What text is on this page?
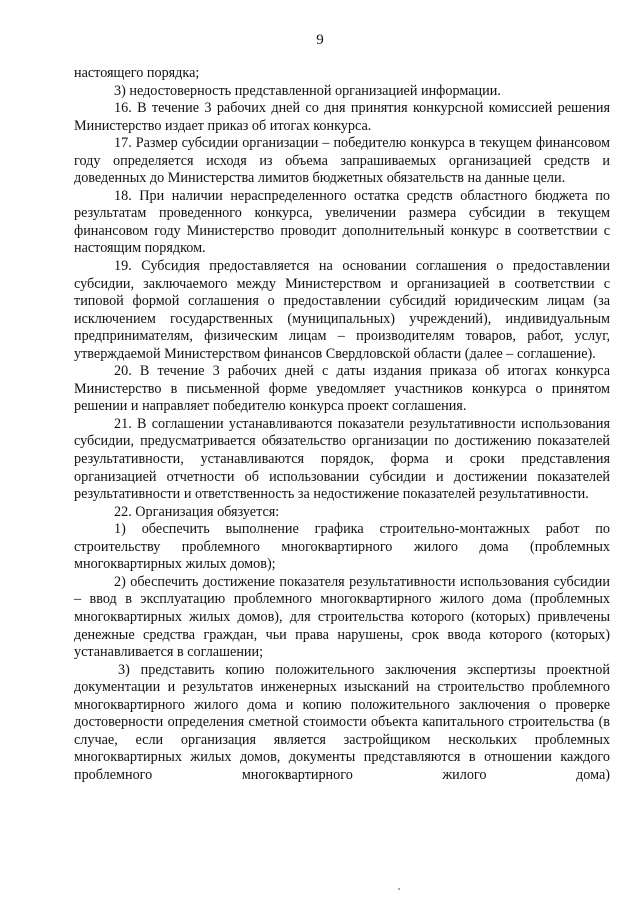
9

настоящего порядка;

3) недостоверность представленной организацией информации.

16. В течение 3 рабочих дней со дня принятия конкурсной комиссией решения Министерство издает приказ об итогах конкурса.

17. Размер субсидии организации – победителю конкурса в текущем финансовом году определяется исходя из объема запрашиваемых организацией средств и доведенных до Министерства лимитов бюджетных обязательств на данные цели.

18. При наличии нераспределенного остатка средств областного бюджета по результатам проведенного конкурса, увеличении размера субсидии в текущем финансовом году Министерство проводит дополнительный конкурс в соответствии с настоящим порядком.

19. Субсидия предоставляется на основании соглашения о предоставлении субсидии, заключаемого между Министерством и организацией в соответствии с типовой формой соглашения о предоставлении субсидий юридическим лицам (за исключением государственных (муниципальных) учреждений), индивидуальным предпринимателям, физическим лицам – производителям товаров, работ, услуг, утверждаемой Министерством финансов Свердловской области (далее – соглашение).

20. В течение 3 рабочих дней с даты издания приказа об итогах конкурса Министерство в письменной форме уведомляет участников конкурса о принятом решении и направляет победителю конкурса проект соглашения.

21. В соглашении устанавливаются показатели результативности использования субсидии, предусматривается обязательство организации по достижению показателей результативности, устанавливаются порядок, форма и сроки представления организацией отчетности об использовании субсидии и достижении показателей результативности и ответственность за недостижение показателей результативности.

22. Организация обязуется:

1) обеспечить выполнение графика строительно-монтажных работ по строительству проблемного многоквартирного жилого дома (проблемных многоквартирных жилых домов);

2) обеспечить достижение показателя результативности использования субсидии – ввод в эксплуатацию проблемного многоквартирного жилого дома (проблемных многоквартирных жилых домов), для строительства которого (которых) привлечены денежные средства граждан, чьи права нарушены, срок ввода которого (которых) устанавливается в соглашении;

3) представить копию положительного заключения экспертизы проектной документации и результатов инженерных изысканий на строительство проблемного многоквартирного жилого дома и копию положительного заключения о проверке достоверности определения сметной стоимости объекта капитального строительства (в случае, если организация является застройщиком нескольких проблемных многоквартирных жилых домов, документы представляются в отношении каждого проблемного многоквартирного жилого дома)
